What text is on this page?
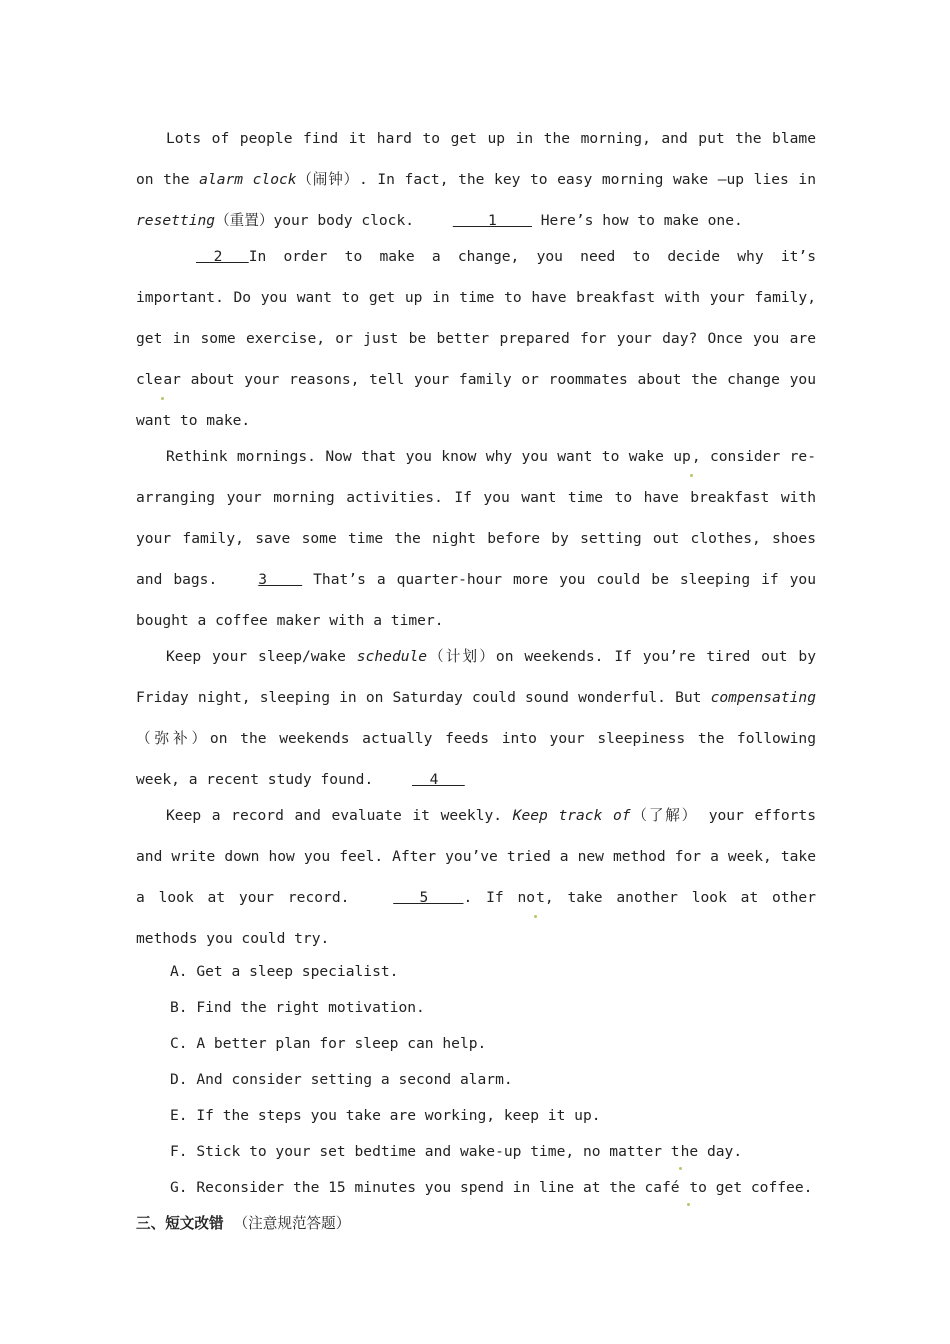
Lots of people find it hard to get up in the morning, and put the blame on the alarm clock（闹钟）. In fact, the key to easy morning wake –up lies in resetting（重置）your body clock.     1     Here’s how to make one.

2   In order to make a change, you need to decide why it’s important. Do you want to get up in time to have breakfast with your family, get in some exercise, or just be better prepared for your day? Once you are clear about your reasons, tell your family or roommates about the change you want to make.

Rethink mornings. Now that you know why you want to wake up, consider re-arranging your morning activities. If you want time to have breakfast with your family, save some time the night before by setting out clothes, shoes and bags. 3     That’s a quarter-hour more you could be sleeping if you bought a coffee maker with a timer.

Keep your sleep/wake schedule（计划）on weekends. If you’re tired out by Friday night, sleeping in on Saturday could sound wonderful. But compensating（弥补）on the weekends actually feeds into your sleepiness the following week, a recent study found.   4

Keep a record and evaluate it weekly. Keep track of（了解） your efforts and write down how you feel. After you’ve tried a new method for a week, take a look at your record.    5    . If not, take another look at other methods you could try.

A. Get a sleep specialist.
B. Find the right motivation.
C. A better plan for sleep can help.
D. And consider setting a second alarm.
E. If the steps you take are working, keep it up.
F. Stick to your set bedtime and wake-up time, no matter the day.
G. Reconsider the 15 minutes you spend in line at the café to get coffee.
三、短文改错 （注意规范答题）
